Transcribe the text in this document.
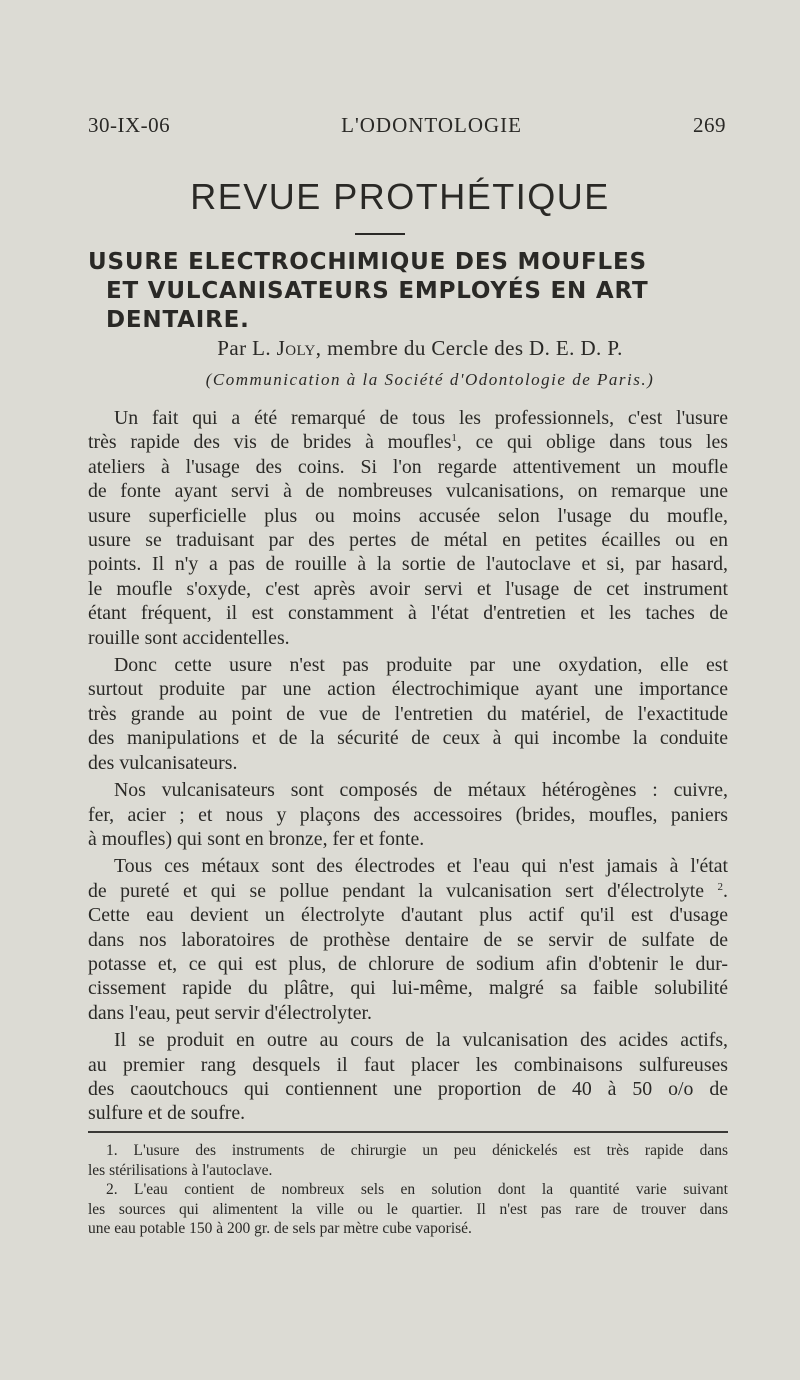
30-IX-06	L'ODONTOLOGIE	269
REVUE PROTHÉTIQUE
USURE ELECTROCHIMIQUE DES MOUFLES
ET VULCANISATEURS EMPLOYÉS EN ART
DENTAIRE.
Par L. Joly, membre du Cercle des D. E. D. P.
(Communication à la Société d'Odontologie de Paris.)
Un fait qui a été remarqué de tous les professionnels, c'est l'usure
très rapide des vis de brides à moufles$^1$, ce qui oblige dans tous les
ateliers à l'usage des coins. Si l'on regarde attentivement un moufle
de fonte ayant servi à de nombreuses vulcanisations, on remarque une
usure superficielle plus ou moins accusée selon l'usage du moufle,
usure se traduisant par des pertes de métal en petites écailles ou en
points. Il n'y a pas de rouille à la sortie de l'autoclave et si, par hasard,
le moufle s'oxyde, c'est après avoir servi et l'usage de cet instrument
étant fréquent, il est constamment à l'état d'entretien et les taches de
rouille sont accidentelles.
Donc cette usure n'est pas produite par une oxydation, elle est
surtout produite par une action électrochimique ayant une importance
très grande au point de vue de l'entretien du matériel, de l'exactitude
des manipulations et de la sécurité de ceux à qui incombe la conduite
des vulcanisateurs.
Nos vulcanisateurs sont composés de métaux hétérogènes : cuivre,
fer, acier ; et nous y plaçons des accessoires (brides, moufles, paniers
à moufles) qui sont en bronze, fer et fonte.
Tous ces métaux sont des électrodes et l'eau qui n'est jamais à l'état
de pureté et qui se pollue pendant la vulcanisation sert d'électrolyte $^2$.
Cette eau devient un électrolyte d'autant plus actif qu'il est d'usage
dans nos laboratoires de prothèse dentaire de se servir de sulfate de
potasse et, ce qui est plus, de chlorure de sodium afin d'obtenir le dur-
cissement rapide du plâtre, qui lui-même, malgré sa faible solubilité
dans l'eau, peut servir d'électrolyter.
Il se produit en outre au cours de la vulcanisation des acides actifs,
au premier rang desquels il faut placer les combinaisons sulfureuses
des caoutchoucs qui contiennent une proportion de 40 à 50 o/o de
sulfure et de soufre.
1. L'usure des instruments de chirurgie un peu dénickelés est très rapide dans
les stérilisations à l'autoclave.
2. L'eau contient de nombreux sels en solution dont la quantité varie suivant
les sources qui alimentent la ville ou le quartier. Il n'est pas rare de trouver dans
une eau potable 150 à 200 gr. de sels par mètre cube vaporisé.
